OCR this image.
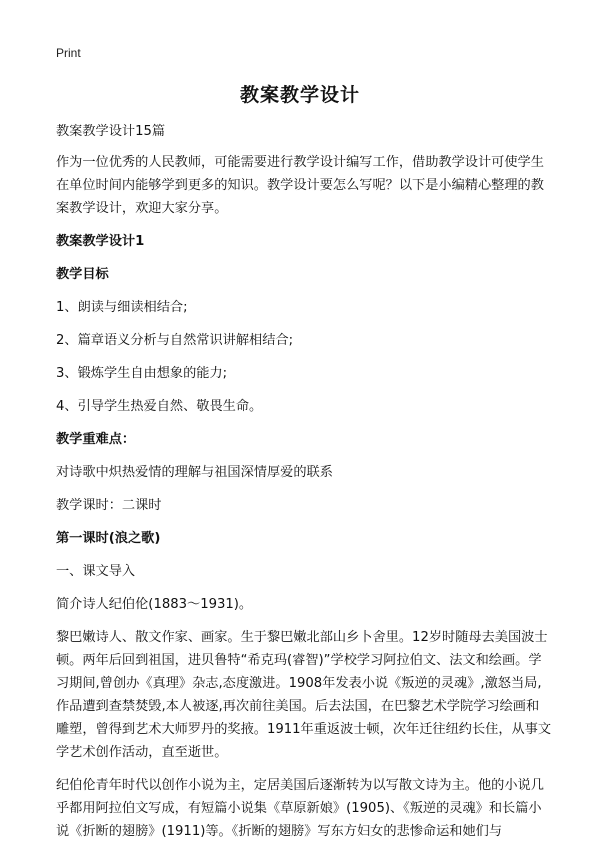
Print
教案教学设计
教案教学设计15篇
作为一位优秀的人民教师，可能需要进行教学设计编写工作，借助教学设计可使学生在单位时间内能够学到更多的知识。教学设计要怎么写呢？以下是小编精心整理的教案教学设计，欢迎大家分享。
教案教学设计1
教学目标
1、朗读与细读相结合;
2、篇章语义分析与自然常识讲解相结合;
3、锻炼学生自由想象的能力;
4、引导学生热爱自然、敬畏生命。
教学重难点：
对诗歌中炽热爱情的理解与祖国深情厚爱的联系
教学课时：二课时
第一课时(浪之歌)
一、课文导入
简介诗人纪伯伦(1883～1931)。
黎巴嫩诗人、散文作家、画家。生于黎巴嫩北部山乡卜舍里。12岁时随母去美国波士顿。两年后回到祖国，进贝鲁特“希克玛(睿智)”学校学习阿拉伯文、法文和绘画。学习期间,曾创办《真理》杂志,态度激进。1908年发表小说《叛逆的灵魂》,激怒当局,作品遭到查禁焚毁,本人被逐,再次前往美国。后去法国，在巴黎艺术学院学习绘画和雕塑，曾得到艺术大师罗丹的奖掖。1911年重返波士顿，次年迁往纽约长住，从事文学艺术创作活动，直至逝世。
纪伯伦青年时代以创作小说为主，定居美国后逐渐转为以写散文诗为主。他的小说几乎都用阿拉伯文写成，有短篇小说集《草原新娘》(1905)、《叛逆的灵魂》和长篇小说《折断的翅膀》(1911)等。《折断的翅膀》写东方妇女的悲惨命运和她们与
